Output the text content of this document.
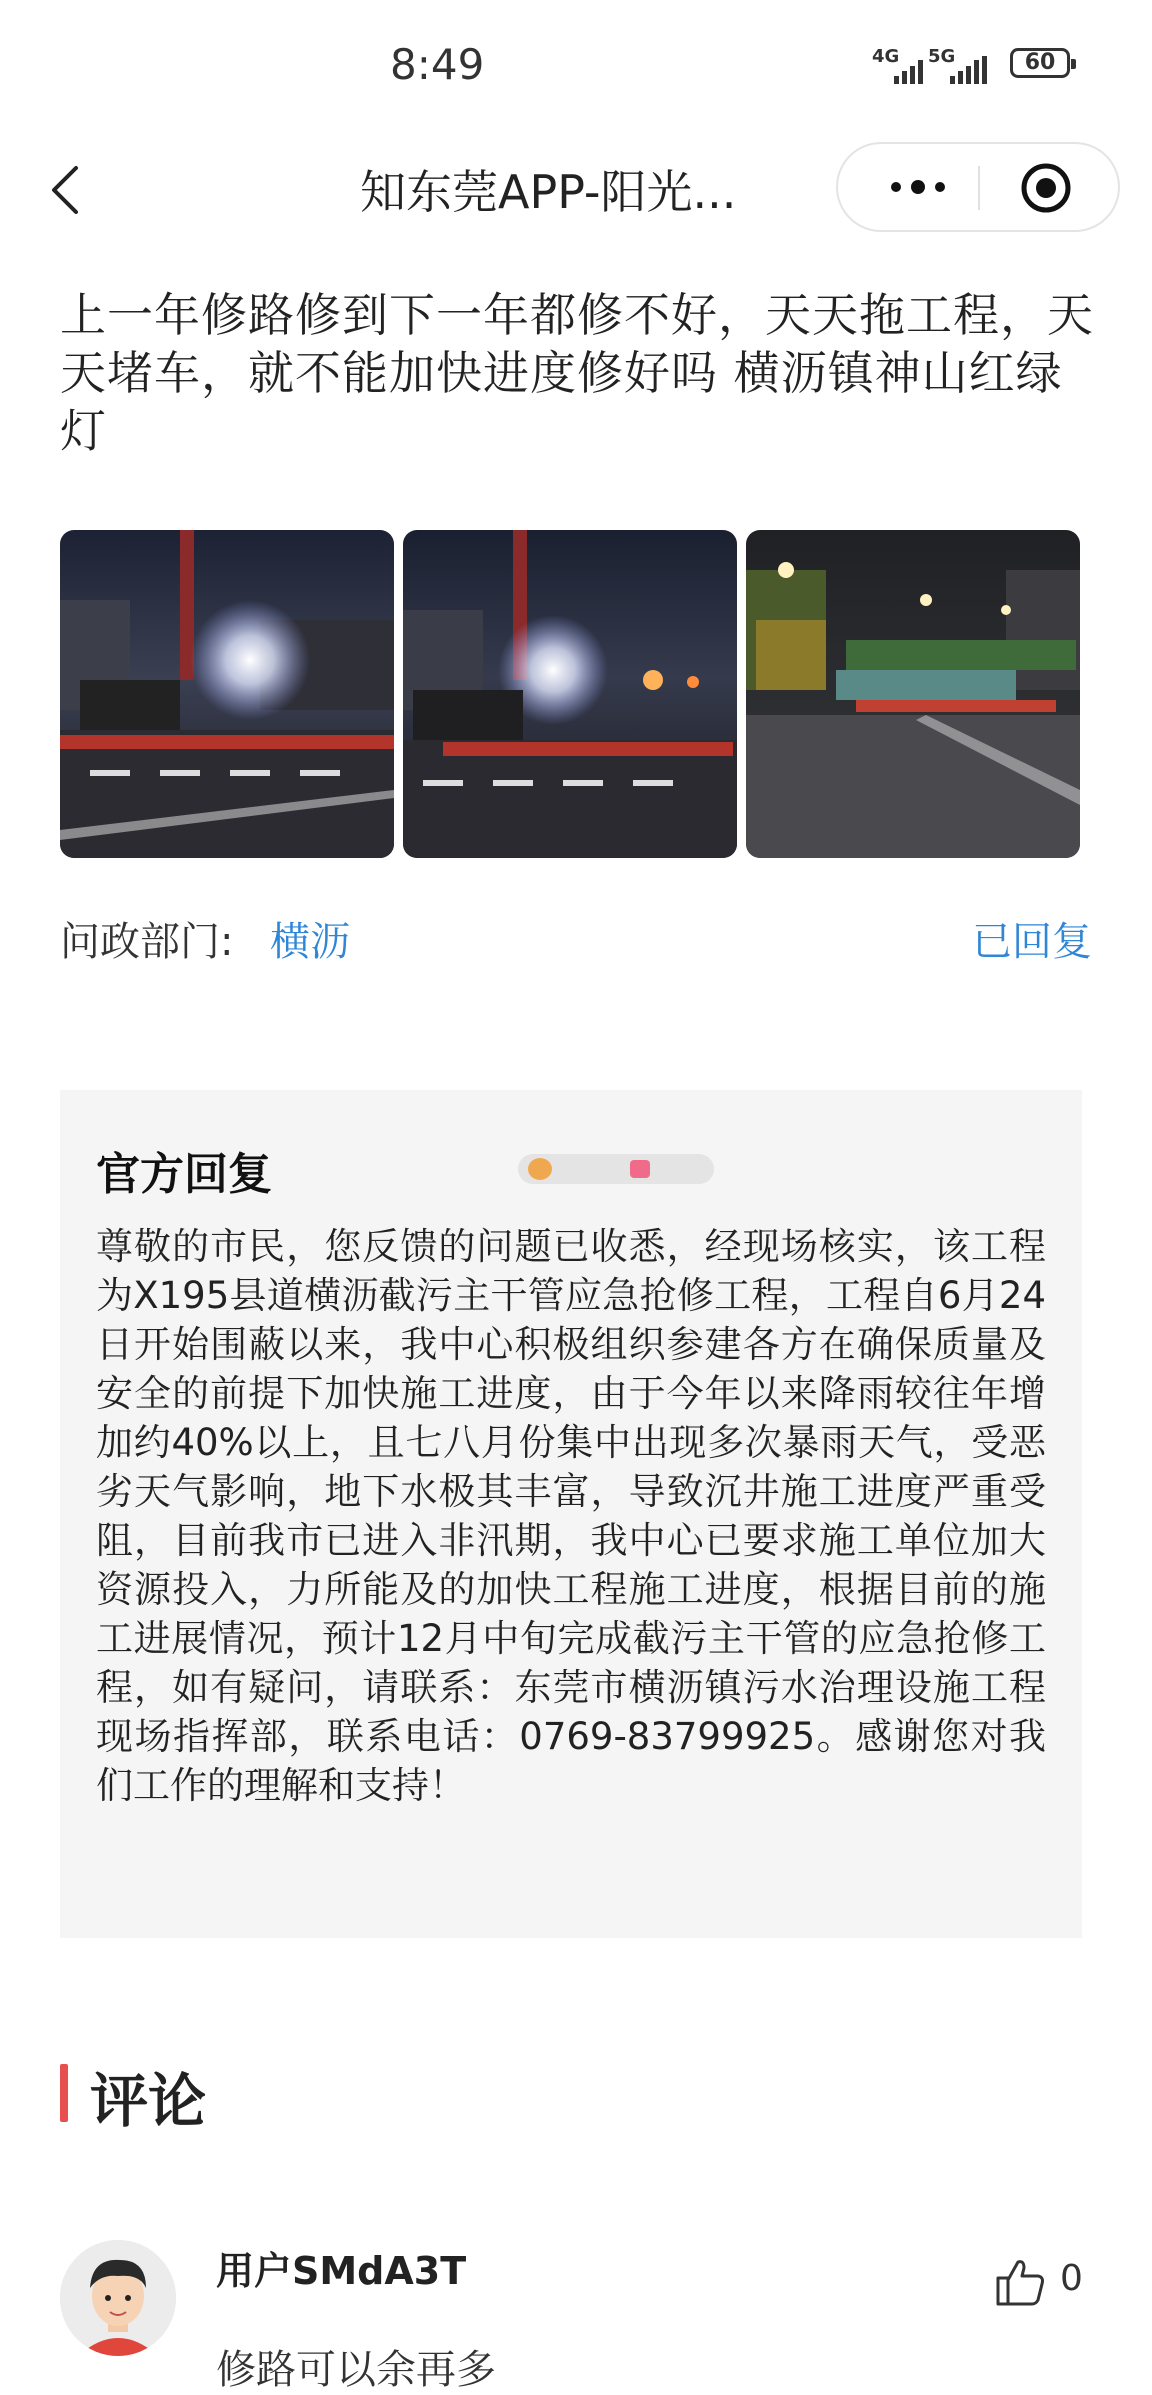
8:49	4G 5G	60
知东莞APP-阳光...
上一年修路修到下一年都修不好，天天拖工程，天天堵车，就不能加快进度修好吗 横沥镇神山红绿灯
问政部门: 横沥	已回复
官方回复
尊敬的市民，您反馈的问题已收悉，经现场核实，该工程为X195县道横沥截污主干管应急抢修工程，工程自6月24日开始围蔽以来，我中心积极组织参建各方在确保质量及安全的前提下加快施工进度，由于今年以来降雨较往年增加约40%以上，且七八月份集中出现多次暴雨天气，受恶劣天气影响，地下水极其丰富，导致沉井施工进度严重受阻，目前我市已进入非汛期，我中心已要求施工单位加大资源投入，力所能及的加快工程施工进度，根据目前的施工进展情况，预计12月中旬完成截污主干管的应急抢修工程，如有疑问，请联系：东莞市横沥镇污水治理设施工程现场指挥部，联系电话：0769-83799925。感谢您对我们工作的理解和支持！
评论
用户SMdA3T
修路可以余再多
0
